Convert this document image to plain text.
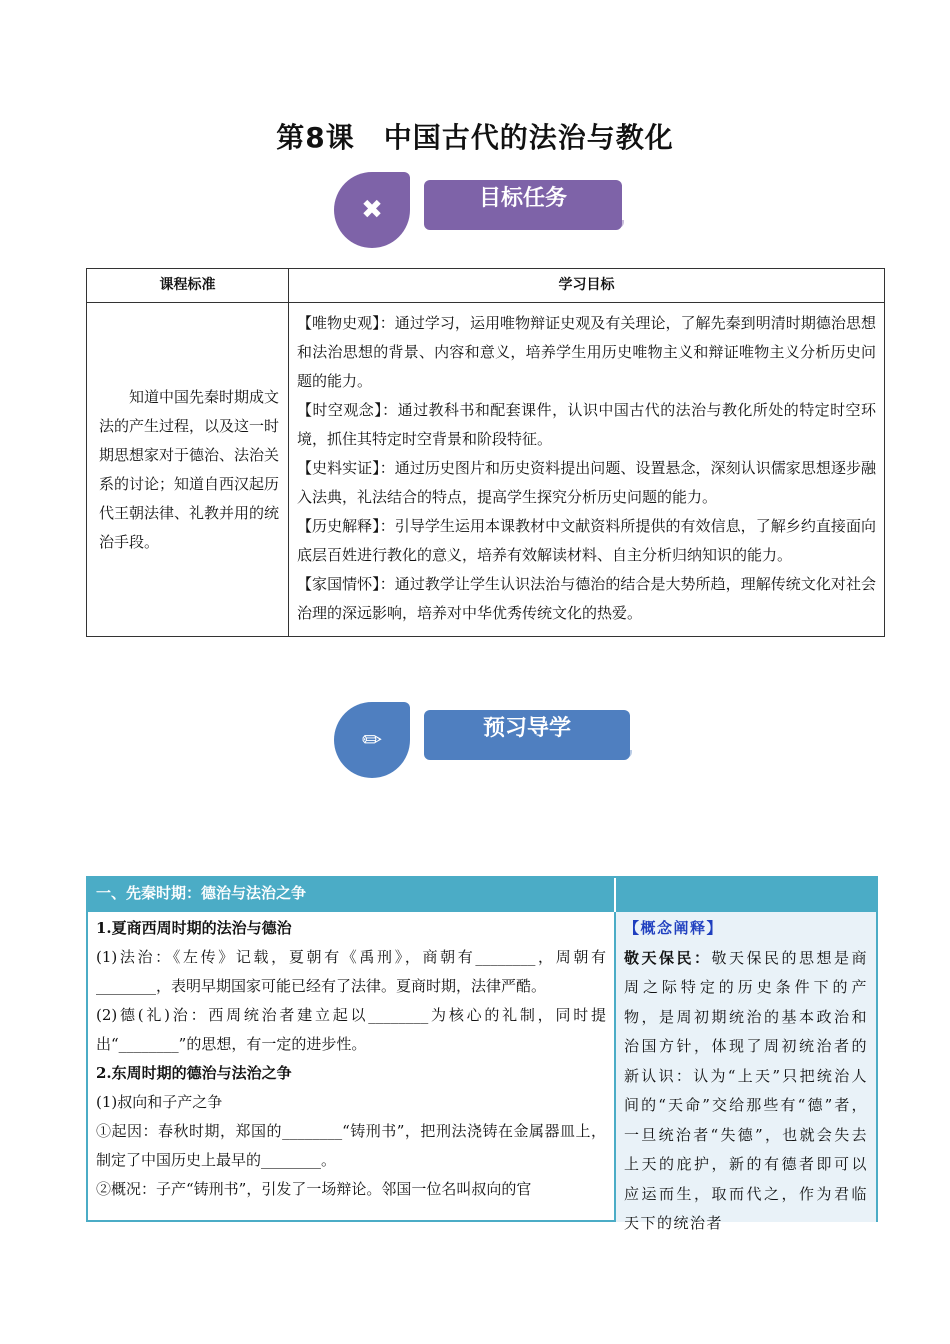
第8课　中国古代的法治与教化
目标任务
✖
课程标准	学习目标
知道中国先秦时期成文法的产生过程，以及这一时期思想家对于德治、法治关系的讨论；知道自西汉起历代王朝法律、礼教并用的统治手段。	【唯物史观】：通过学习，运用唯物辩证史观及有关理论，了解先秦到明清时期德治思想和法治思想的背景、内容和意义，培养学生用历史唯物主义和辩证唯物主义分析历史问题的能力。

【时空观念】：通过教科书和配套课件，认识中国古代的法治与教化所处的特定时空环境，抓住其特定时空背景和阶段特征。

【史料实证】：通过历史图片和历史资料提出问题、设置悬念，深刻认识儒家思想逐步融入法典，礼法结合的特点，提高学生探究分析历史问题的能力。

【历史解释】：引导学生运用本课教材中文献资料所提供的有效信息，了解乡约直接面向底层百姓进行教化的意义，培养有效解读材料、自主分析归纳知识的能力。

【家国情怀】：通过教学让学生认识法治与德治的结合是大势所趋，理解传统文化对社会治理的深远影响，培养对中华优秀传统文化的热爱。

预习导学
✏
一、先秦时期：德治与法治之争
1.夏商西周时期的法治与德治
(1)法治：《左传》记载，夏朝有《禹刑》，商朝有________，周朝有________，表明早期国家可能已经有了法律。夏商时期，法律严酷。
(2)德(礼)治：西周统治者建立起以________为核心的礼制，同时提出“________”的思想，有一定的进步性。
2.东周时期的德治与法治之争
(1)叔向和子产之争
①起因：春秋时期，郑国的________“铸刑书”，把刑法浇铸在金属器皿上，制定了中国历史上最早的________。
②概况：子产“铸刑书”，引发了一场辩论。邻国一位名叫叔向的官
【概念阐释】
敬天保民：敬天保民的思想是商周之际特定的历史条件下的产物，是周初期统治的基本政治和治国方针，体现了周初统治者的新认识：认为“上天”只把统治人间的“天命”交给那些有“德”者，一旦统治者“失德”，也就会失去上天的庇护，新的有德者即可以应运而生，取而代之，作为君临天下的统治者
